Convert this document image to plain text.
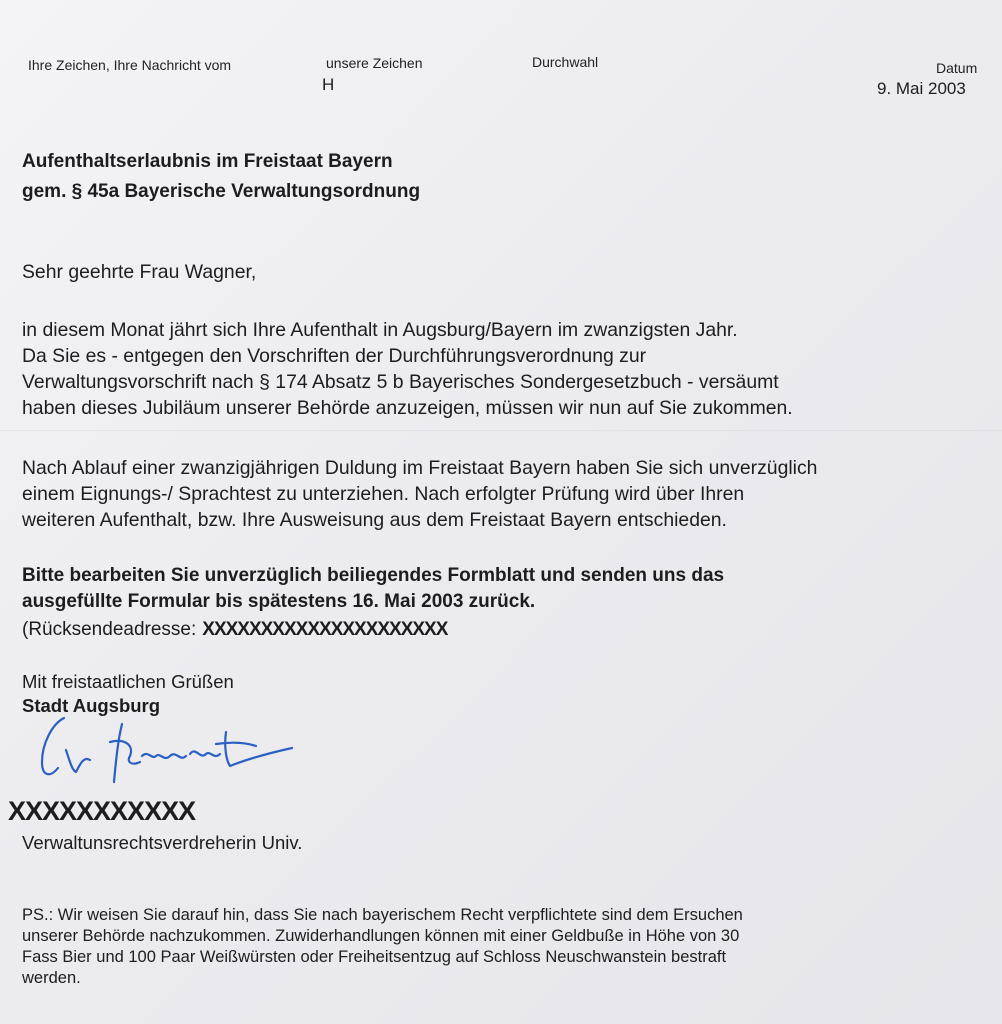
Ihre Zeichen, Ihre Nachricht vom	unsere Zeichen
H
Durchwahl	Datum
9. Mai 2003
Aufenthaltserlaubnis im Freistaat Bayern
gem. § 45a Bayerische Verwaltungsordnung
Sehr geehrte Frau Wagner,
in diesem Monat jährt sich Ihre Aufenthalt in Augsburg/Bayern im zwanzigsten Jahr.
Da Sie es - entgegen den Vorschriften der Durchführungsverordnung zur
Verwaltungsvorschrift nach § 174 Absatz 5 b Bayerisches Sondergesetzbuch - versäumt
haben dieses Jubiläum unserer Behörde anzuzeigen, müssen wir nun auf Sie zukommen.
Nach Ablauf einer zwanzigjährigen Duldung im Freistaat Bayern haben Sie sich unverzüglich
einem Eignungs-/ Sprachtest zu unterziehen. Nach erfolgter Prüfung wird über Ihren
weiteren Aufenthalt, bzw. Ihre Ausweisung aus dem Freistaat Bayern entschieden.
Bitte bearbeiten Sie unverzüglich beiliegendes Formblatt und senden uns das
ausgefüllte Formular bis spätestens 16. Mai 2003 zurück.
(Rücksendeadresse: XXXXXXXXXXXXXXXXXXXXX
Mit freistaatlichen Grüßen
Stadt Augsburg
XXXXXXXXXXX
Verwaltunsrechtsverdreherin Univ.
PS.: Wir weisen Sie darauf hin, dass Sie nach bayerischem Recht verpflichtete sind dem Ersuchen
unserer Behörde nachzukommen. Zuwiderhandlungen können mit einer Geldbuße in Höhe von 30
Fass Bier und 100 Paar Weißwürsten oder Freiheitsentzug auf Schloss Neuschwanstein bestraft
werden.
